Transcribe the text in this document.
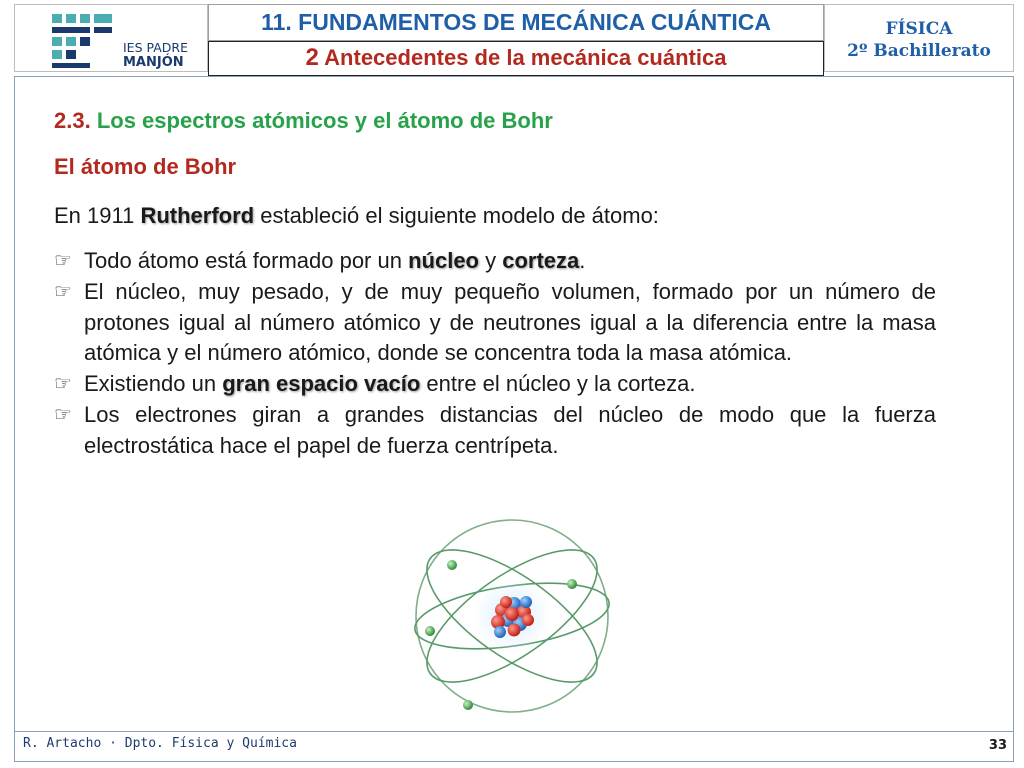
IES PADRE
MANJÓN
11. FUNDAMENTOS DE MECÁNICA CUÁNTICA
2 Antecedentes de la mecánica cuántica
FÍSICA
2º Bachillerato
2.3. Los espectros atómicos y el átomo de Bohr
El átomo de Bohr
En 1911 Rutherford estableció el siguiente modelo de átomo:
☞ Todo átomo está formado por un núcleo y corteza.
☞ El núcleo, muy pesado, y de muy pequeño volumen, formado por un número de protones igual al número atómico y de neutrones igual a la diferencia entre la masa atómica y el número atómico, donde se concentra toda la masa atómica.
☞ Existiendo un gran espacio vacío entre el núcleo y la corteza.
☞ Los electrones giran a grandes distancias del núcleo de modo que la fuerza electrostática hace el papel de fuerza centrípeta.
R. Artacho · Dpto. Física y Química	33
